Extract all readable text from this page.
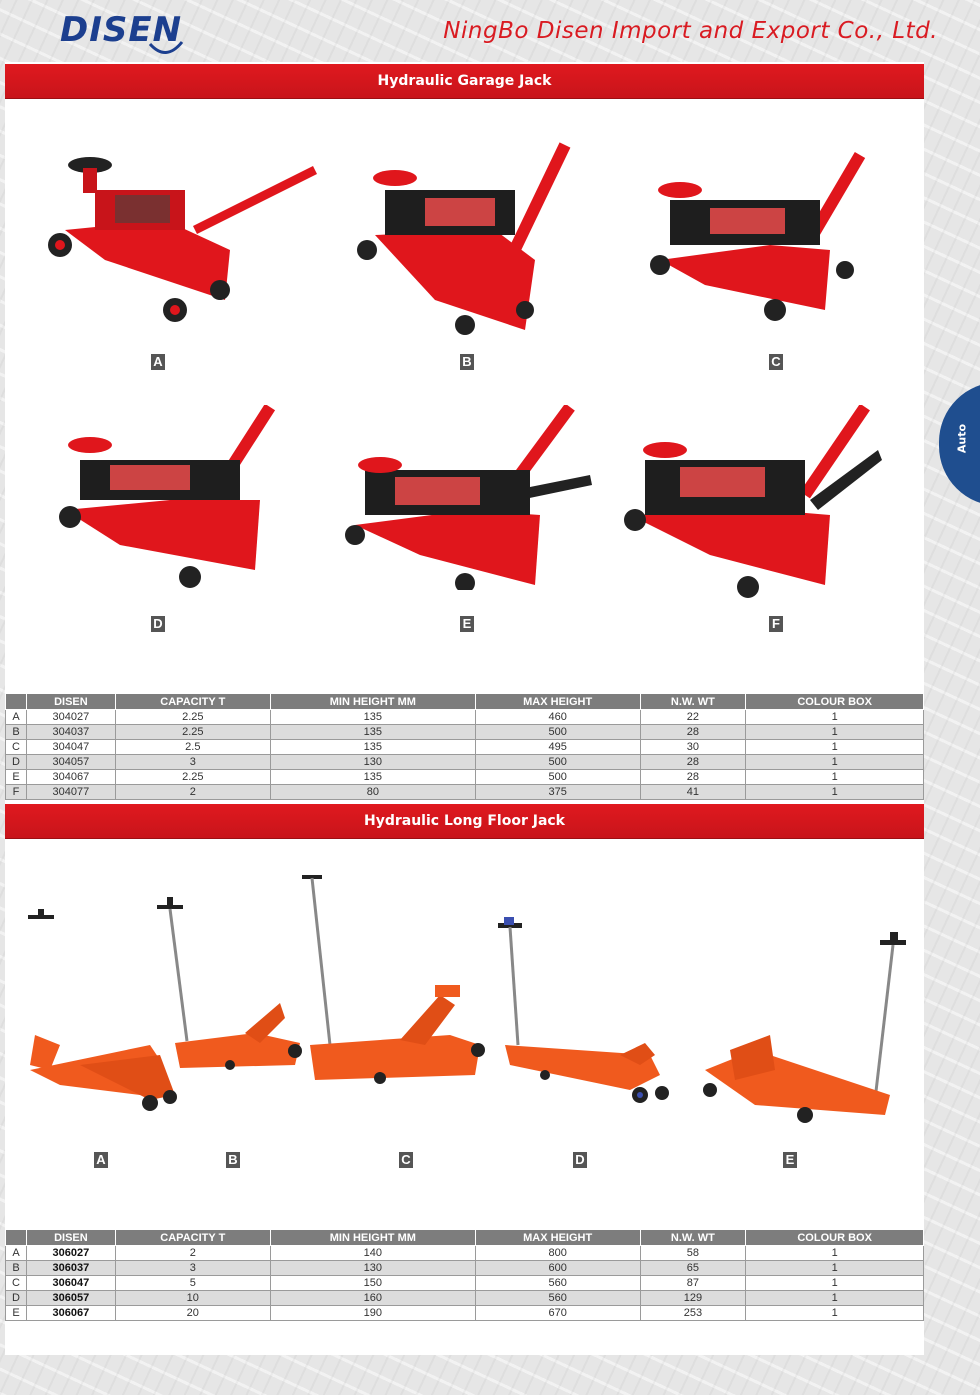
DISEN	NingBo Disen Import and Export Co., Ltd.
Auto
Hydraulic Garage Jack
A	B	C
D	E	F
	DISEN	CAPACITY T	MIN HEIGHT MM	MAX HEIGHT	N.W. WT	COLOUR BOX
A	304027	2.25	135	460	22	1
B	304037	2.25	135	500	28	1
C	304047	2.5	135	495	30	1
D	304057	3	130	500	28	1
E	304067	2.25	135	500	28	1
F	304077	2	80	375	41	1
Hydraulic Long Floor Jack
A	B	C	D	E
	DISEN	CAPACITY T	MIN HEIGHT MM	MAX HEIGHT	N.W. WT	COLOUR BOX
A	306027	2	140	800	58	1
B	306037	3	130	600	65	1
C	306047	5	150	560	87	1
D	306057	10	160	560	129	1
E	306067	20	190	670	253	1
